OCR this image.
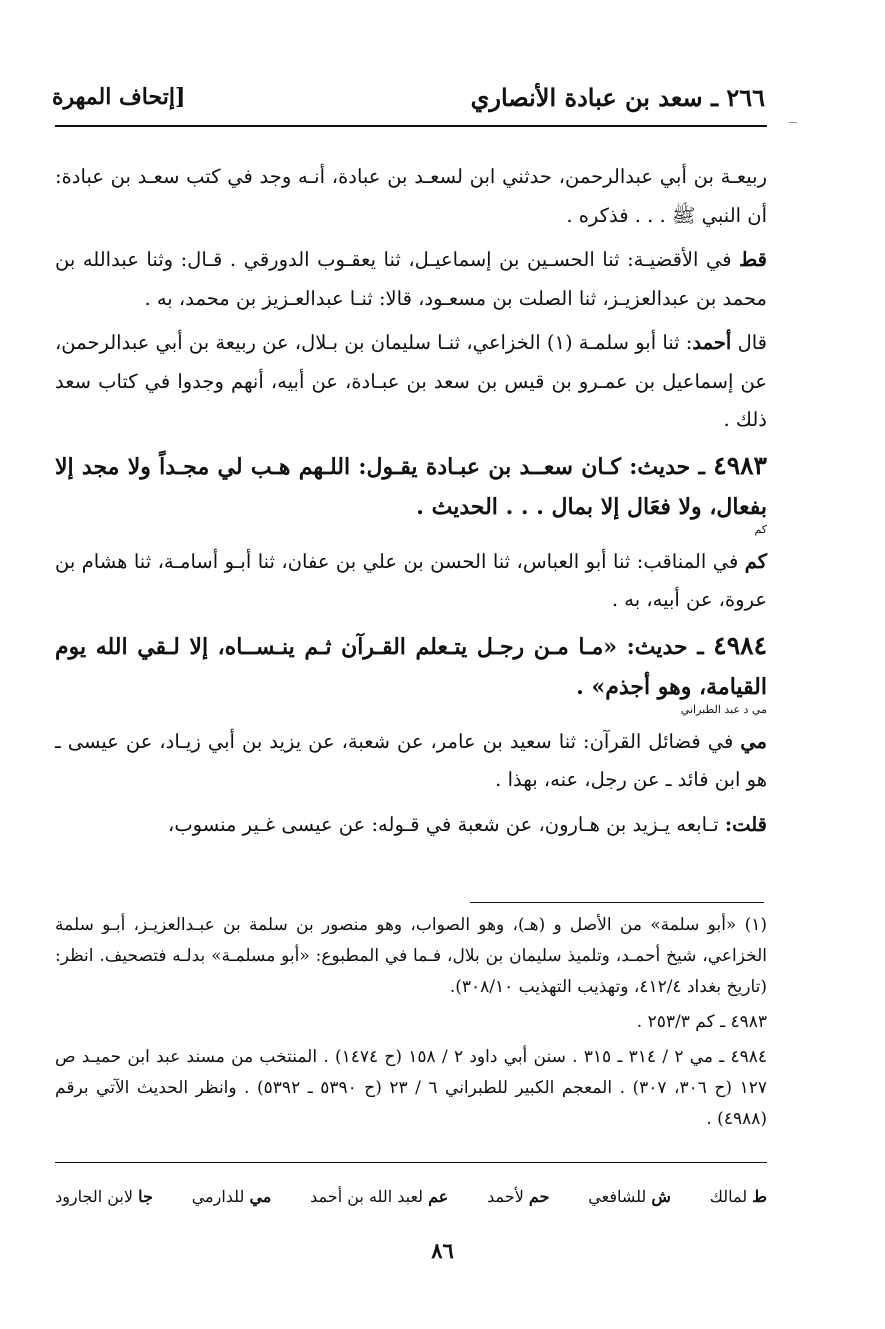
٢٦٦ ـ سعد بن عبادة الأنصاري
[إتحاف المهرة

ربيعـة بن أبي عبدالرحمن، حدثني ابن لسعـد بن عبادة، أنـه وجد في كتب سعـد بن عبادة: أن النبي ﷺ . . . فذكره .

قط في الأقضيـة: ثنا الحسـين بن إسماعيـل، ثنا يعقـوب الدورقي . قـال: وثنا عبدالله بن محمد بن عبدالعزيـز، ثنا الصلت بن مسعـود، قالا: ثنـا عبدالعـزيز بن محمد، به .

قال أحمد: ثنا أبو سلمـة (١) الخزاعي، ثنـا سليمان بن بـلال، عن ربيعة بن أبي عبدالرحمن، عن إسماعيل بن عمـرو بن قيس بن سعد بن عبـادة، عن أبيه، أنهم وجدوا في كتاب سعد ذلك .

٤٩٨٣ ـ حديث: كـان سعــد بن عبـادة يقـول: اللـهم هـب لي مجـداً ولا مجد إلا بفعال، ولا فعَال إلا بمال . . . الحديث .
كم

كم في المناقب: ثنا أبو العباس، ثنا الحسن بن علي بن عفان، ثنا أبـو أسامـة، ثنا هشام بن عروة، عن أبيه، به .

٤٩٨٤ ـ حديث: «مـا مـن رجـل يتـعلم القـرآن ثـم ينـســاه، إلا لـقي الله يوم القيامة، وهو أجذم» .
مي د عبد الطبراني

مي في فضائل القرآن: ثنا سعيد بن عامر، عن شعبة، عن يزيد بن أبي زيـاد، عن عيسى ـ هو ابن فائد ـ عن رجل، عنه، بهذا .

قلت: تـابعه يـزيد بن هـارون، عن شعبة في قـوله: عن عيسى غـير منسوب،

(١) «أبو سلمة» من الأصل و (هـ)، وهو الصواب، وهو منصور بن سلمة بن عبـدالعزيـز، أبـو سلمة الخزاعي، شيخ أحمـد، وتلميذ سليمان بن بلال، فـما في المطبوع: «أبو مسلمـة» بدلـه فتصحيف. انظر: (تاريخ بغداد ٤١٢/٤، وتهذيب التهذيب ٣٠٨/١٠).

٤٩٨٣ ـ كم ٢٥٣/٣ .

٤٩٨٤ ـ مي ٢ / ٣١٤ ـ ٣١٥ . سنن أبي داود ٢ / ١٥٨ (ح ١٤٧٤) . المنتخب من مسند عبد ابن حميـد ص ١٢٧ (ح ٣٠٦، ٣٠٧) . المعجم الكبير للطبراني ٦ / ٢٣ (ح ٥٣٩٠ ـ ٥٣٩٢) . وانظر الحديث الآتي برقم (٤٩٨٨) .

ط لمالك
ش للشافعي
حم لأحمد
عم لعبد الله بن أحمد
مي للدارمي
جا لابن الجارود
٨٦
